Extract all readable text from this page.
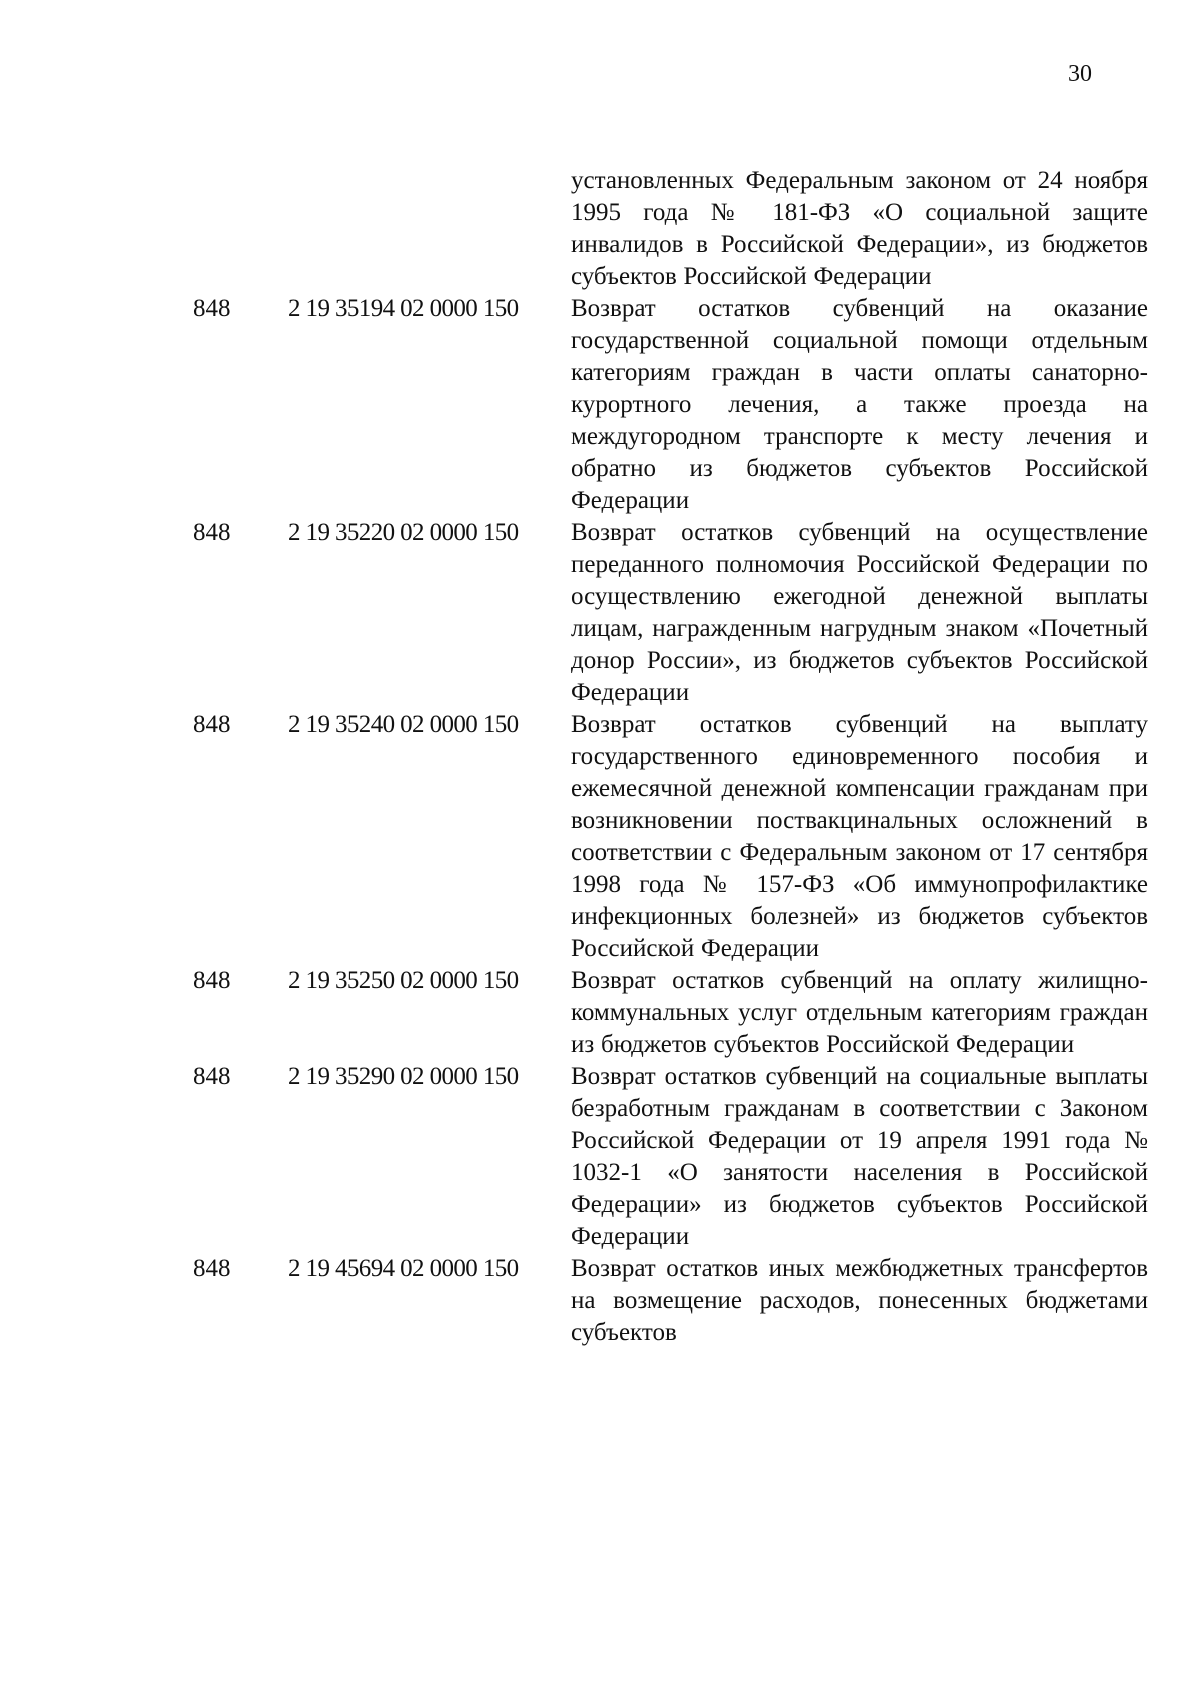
30
установленных Федеральным законом от 24 ноября 1995 года № 181-ФЗ «О социальной защите инвалидов в Российской Федерации», из бюджетов субъектов Российской Федерации
848	2 19 35194 02 0000 150	Возврат остатков субвенций на оказание государственной социальной помощи отдельным категориям граждан в части оплаты санаторно-курортного лечения, а также проезда на междугородном транспорте к месту лечения и обратно из бюджетов субъектов Российской Федерации
848	2 19 35220 02 0000 150	Возврат остатков субвенций на осуществление переданного полномочия Российской Федерации по осуществлению ежегодной денежной выплаты лицам, награжденным нагрудным знаком «Почетный донор России», из бюджетов субъектов Российской Федерации
848	2 19 35240 02 0000 150	Возврат остатков субвенций на выплату государственного единовременного пособия и ежемесячной денежной компенсации гражданам при возникновении поствакцинальных осложнений в соответствии с Федеральным законом от 17 сентября 1998 года № 157-ФЗ «Об иммунопрофилактике инфекционных болезней» из бюджетов субъектов Российской Федерации
848	2 19 35250 02 0000 150	Возврат остатков субвенций на оплату жилищно-коммунальных услуг отдельным категориям граждан из бюджетов субъектов Российской Федерации
848	2 19 35290 02 0000 150	Возврат остатков субвенций на социальные выплаты безработным гражданам в соответствии с Законом Российской Федерации от 19 апреля 1991 года № 1032-1 «О занятости населения в Российской Федерации» из бюджетов субъектов Российской Федерации
848	2 19 45694 02 0000 150	Возврат остатков иных межбюджетных трансфертов на возмещение расходов, понесенных бюджетами субъектов
